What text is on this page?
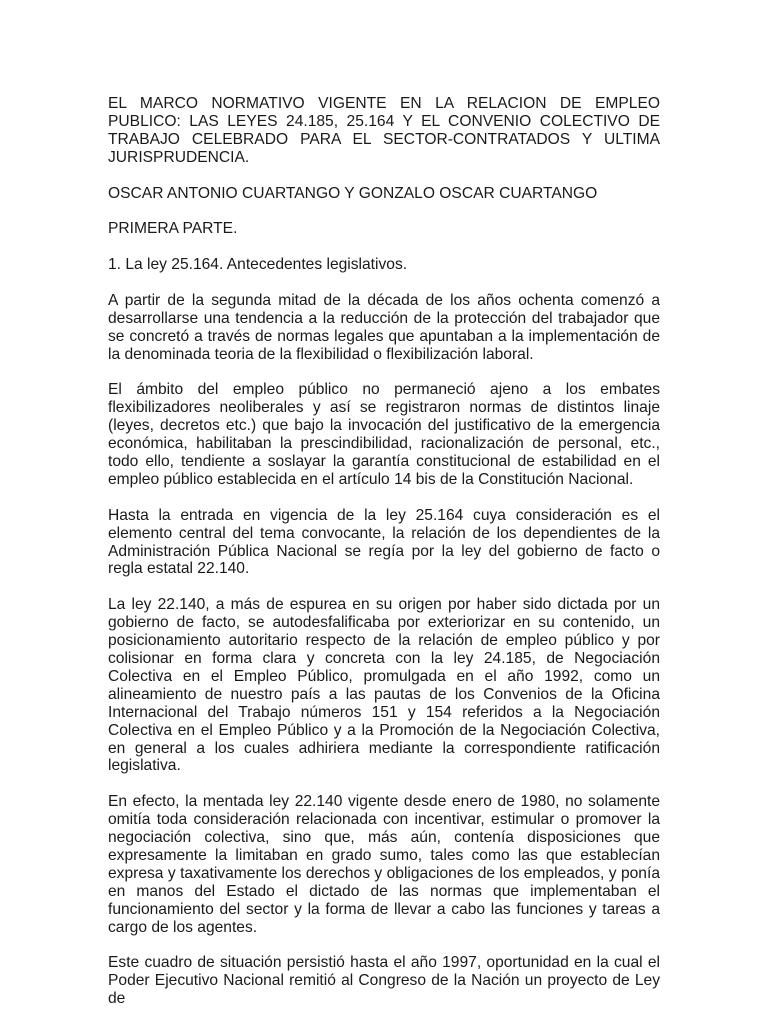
EL MARCO NORMATIVO VIGENTE EN LA RELACION DE EMPLEO PUBLICO: LAS LEYES 24.185, 25.164 Y EL CONVENIO COLECTIVO DE TRABAJO CELEBRADO PARA EL SECTOR-CONTRATADOS Y ULTIMA JURISPRUDENCIA.

OSCAR ANTONIO CUARTANGO Y GONZALO OSCAR CUARTANGO

PRIMERA PARTE.

1. La ley 25.164. Antecedentes legislativos.

A partir de la segunda mitad de la década de los años ochenta comenzó a desarrollarse una tendencia a la reducción de la protección del trabajador que se concretó a través de normas legales que apuntaban a la implementación de la denominada teoria de la flexibilidad o flexibilización laboral.

El ámbito del empleo público no permaneció ajeno a los embates flexibilizadores neoliberales y así se registraron normas de distintos linaje (leyes, decretos etc.) que bajo la invocación del justificativo de la emergencia económica, habilitaban la prescindibilidad, racionalización de personal, etc., todo ello, tendiente a soslayar la garantía constitucional de estabilidad en el empleo público establecida en el artículo 14 bis de la Constitución Nacional.

Hasta la entrada en vigencia de la ley 25.164 cuya consideración es el elemento central del tema convocante, la relación de los dependientes de la Administración Pública Nacional se regía por la ley del gobierno de facto o regla estatal 22.140.

La ley 22.140, a más de espurea en su origen por haber sido dictada por un gobierno de facto, se autodesfalificaba por exteriorizar en su contenido, un posicionamiento autoritario respecto de la relación de empleo público y por colisionar en forma clara y concreta con la ley 24.185, de Negociación Colectiva en el Empleo Público, promulgada en el año 1992, como un alineamiento de nuestro país a las pautas de los Convenios de la Oficina Internacional del Trabajo números 151 y 154 referidos a la Negociación Colectiva en el Empleo Público y a la Promoción de la Negociación Colectiva, en general a los cuales adhiriera mediante la correspondiente ratificación legislativa.

En efecto, la mentada ley 22.140 vigente desde enero de 1980, no solamente omitía toda consideración relacionada con incentivar, estimular o promover la negociación colectiva, sino que, más aún, contenía disposiciones que expresamente la limitaban en grado sumo, tales como las que establecían expresa y taxativamente los derechos y obligaciones de los empleados, y ponía en manos del Estado el dictado de las normas que implementaban el funcionamiento del sector y la forma de llevar a cabo las funciones y tareas a cargo de los agentes.

Este cuadro de situación persistió hasta el año 1997, oportunidad en la cual el Poder Ejecutivo Nacional remitió al Congreso de la Nación un proyecto de Ley de
